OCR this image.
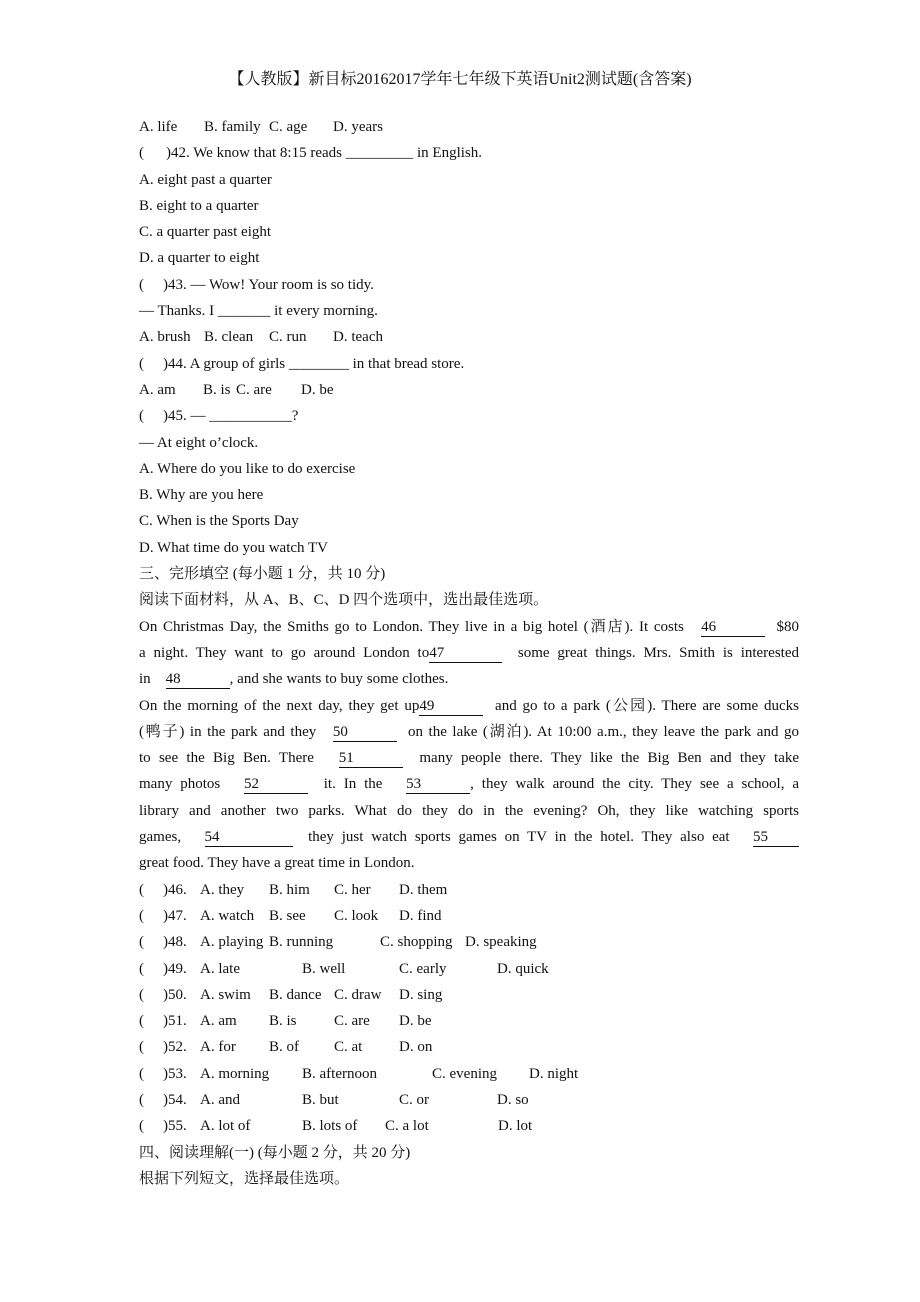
【人教版】新目标20162017学年七年级下英语Unit2测试题(含答案)
A. life B. family C. age D. years
( )42. We know that 8:15 reads _________ in English.
A. eight past a quarter
B. eight to a quarter
C. a quarter past eight
D. a quarter to eight
( )43. — Wow! Your room is so tidy.
— Thanks. I _______ it every morning.
A. brush B. clean C. run D. teach
( )44. A group of girls ________ in that bread store.
A. am B. is C. are D. be
( )45. — ___________?
— At eight o’clock.
A. Where do you like to do exercise
B. Why are you here
C. When is the Sports Day
D. What time do you watch TV
三、完形填空 (每小题 1 分，共 10 分)
阅读下面材料，从 A、B、C、D 四个选项中，选出最佳选项。
On Christmas Day, the Smiths go to London. They live in a big hotel (酒店). It costs 46	$80
a night. They want to go around London to47	some great things. Mrs. Smith is interested
in 48	, and she wants to buy some clothes.
On the morning of the next day, they get up49	and go to a park (公园). There are some ducks
(鸭子) in the park and they 50	on the lake (湖泊). At 10:00 a.m., they leave the park and go
to see the Big Ben. There 51	many people there. They like the Big Ben and they take
many photos 52	it. In the 53	, they walk around the city. They see a school, a
library and another two parks. What do they do in the evening? Oh, they like watching sports
games, 54	they just watch sports games on TV in the hotel. They also eat 55
great food. They have a great time in London.
( )46. A. they B. him C. her D. them
( )47. A. watch B. see C. look D. find
( )48. A. playing B. running	C. shopping D. speaking
( )49. A. late	B. well	C. early	D. quick
( )50. A. swim B. dance C. draw D. sing
( )51. A. am B. is C. are D. be
( )52. A. for B. of C. at D. on
( )53. A. morning B. afternoon	C. evening D. night
( )54. A. and	B. but	C. or	D. so
( )55. A. lot of	B. lots of C. a lot	D. lot
四、阅读理解(一) (每小题 2 分，共 20 分)
根据下列短文，选择最佳选项。
